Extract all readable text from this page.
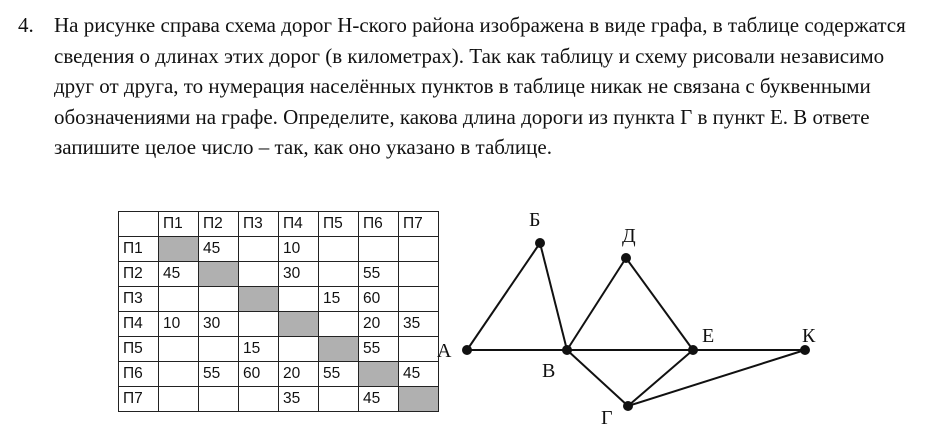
4. На рисунке справа схема дорог Н-ского района изображена в виде графа, в таблице содержатся сведения о длинах этих дорог (в километрах). Так как таблицу и схему рисовали независимо друг от друга, то нумерация населённых пунктов в таблице никак не связана с буквенными обозначениями на графе. Определите, какова длина дороги из пункта Г в пункт Е. В ответе запишите целое число – так, как оно указано в таблице.

	П1	П2	П3	П4	П5	П6	П7
П1		45		10			
П2	45			30		55	
П3					15	60	
П4	10	30				20	35
П5			15			55	
П6		55	60	20	55		45
П7				35		45	
А
Б
В
Д
Е
Г
К
